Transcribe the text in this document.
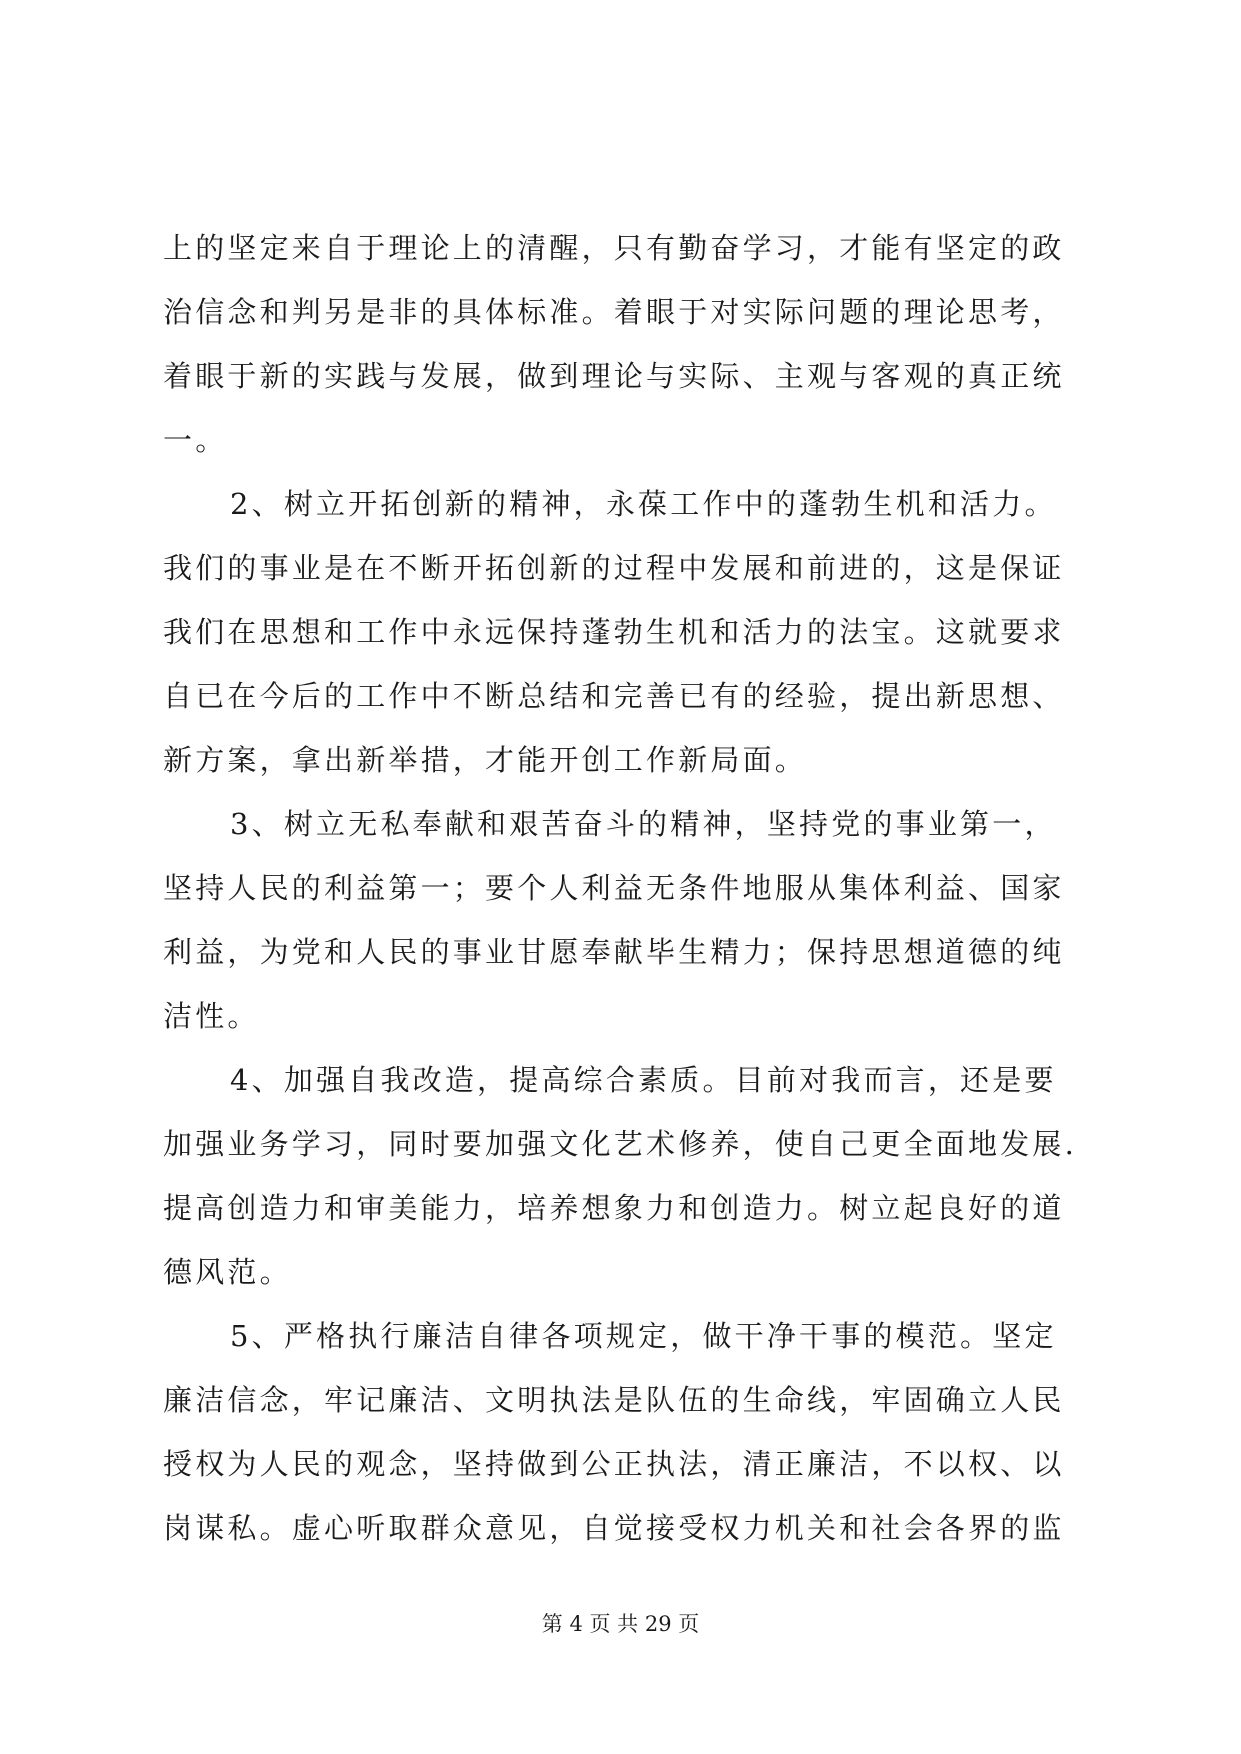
上的坚定来自于理论上的清醒，只有勤奋学习，才能有坚定的政
治信念和判另是非的具体标准。着眼于对实际问题的理论思考，
着眼于新的实践与发展，做到理论与实际、主观与客观的真正统
一。
2、树立开拓创新的精神，永葆工作中的蓬勃生机和活力。
我们的事业是在不断开拓创新的过程中发展和前进的，这是保证
我们在思想和工作中永远保持蓬勃生机和活力的法宝。这就要求
自已在今后的工作中不断总结和完善已有的经验，提出新思想、
新方案，拿出新举措，才能开创工作新局面。
3、树立无私奉献和艰苦奋斗的精神，坚持党的事业第一，
坚持人民的利益第一；要个人利益无条件地服从集体利益、国家
利益，为党和人民的事业甘愿奉献毕生精力；保持思想道德的纯
洁性。
4、加强自我改造，提高综合素质。目前对我而言，还是要
加强业务学习，同时要加强文化艺术修养，使自己更全面地发展.
提高创造力和审美能力，培养想象力和创造力。树立起良好的道
德风范。
5、严格执行廉洁自律各项规定，做干净干事的模范。坚定
廉洁信念，牢记廉洁、文明执法是队伍的生命线，牢固确立人民
授权为人民的观念，坚持做到公正执法，清正廉洁，不以权、以
岗谋私。虚心听取群众意见，自觉接受权力机关和社会各界的监
第 4 页 共 29 页
